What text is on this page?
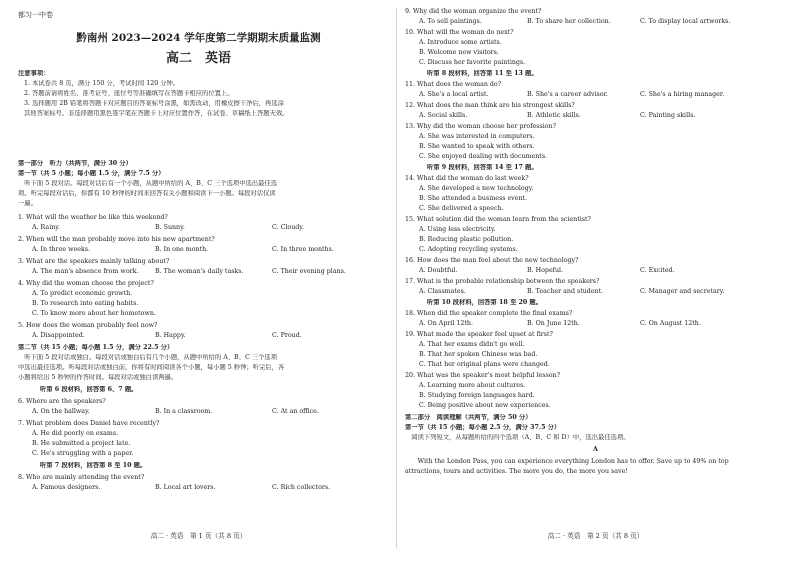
都匀一中卷
黔南州 2023—2024 学年度第二学期期末质量监测
高二　英语
注意事项：
1. 本试卷共 8 页，满分 150 分，考试时间 120 分钟。
2. 答题前请将姓名、准考证号、座位号等准确填写在答题卡相应的位置上。
3. 选择题用 2B 铅笔将答题卡对应题目的答案标号涂黑，如需改动，用橡皮擦干净后，再选涂
其他答案标号。非选择题用黑色签字笔在答题卡上对应位置作答，在试卷、草稿纸上答题无效。
第一部分　听力（共两节，满分 30 分）
第一节（共 5 小题；每小题 1.5 分，满分 7.5 分）
　听下面 5 段对话。每段对话后有一个小题，从题中所给的 A、B、C 三个选项中选出最佳选
项。听完每段对话后，你都有 10 秒钟的时间来回答有关小题和阅读下一小题。每段对话仅读
一遍。
1. What will the weather be like this weekend?
A. Rainy.	B. Sunny.	C. Cloudy.
2. When will the man probably move into his new apartment?
A. In three weeks.	B. In one month.	C. In three months.
3. What are the speakers mainly talking about?
A. The man's absence from work.	B. The woman's daily tasks.	C. Their evening plans.
4. Why did the woman choose the project?
A. To predict economic growth.
B. To research into eating habits.
C. To know more about her hometown.
5. How does the woman probably feel now?
A. Disappointed.	B. Happy.	C. Proud.
第二节（共 15 小题；每小题 1.5 分，满分 22.5 分）
　听下面 5 段对话或独白。每段对话或独白后有几个小题，从题中所给的 A、B、C 三个选项
中选出最佳选项。听每段对话或独白前，你将有时间阅读各个小题，每小题 5 秒钟；听完后，各
小题将给出 5 秒钟的作答时间。每段对话或独白读两遍。
听第 6 段材料，回答第 6、7 题。
6. Where are the speakers?
A. On the hallway.	B. In a classroom.	C. At an office.
7. What problem does Daniel have recently?
A. He did poorly on exams.
B. He submitted a project late.
C. He's struggling with a paper.
听第 7 段材料，回答第 8 至 10 题。
8. Who are mainly attending the event?
A. Famous designers.	B. Local art lovers.	C. Rich collectors.
高二 · 英语　第 1 页（共 8 页）
9. Why did the woman organize the event?
A. To sell paintings.	B. To share her collection.	C. To display local artworks.
10. What will the woman do next?
A. Introduce some artists.
B. Welcome new visitors.
C. Discuss her favorite paintings.
听第 8 段材料，回答第 11 至 13 题。
11. What does the woman do?
A. She's a local artist.	B. She's a career advisor.	C. She's a hiring manager.
12. What does the man think are his strongest skills?
A. Social skills.	B. Athletic skills.	C. Painting skills.
13. Why did the woman choose her profession?
A. She was interested in computers.
B. She wanted to speak with others.
C. She enjoyed dealing with documents.
听第 9 段材料，回答第 14 至 17 题。
14. What did the woman do last week?
A. She developed a new technology.
B. She attended a business event.
C. She delivered a speech.
15. What solution did the woman learn from the scientist?
A. Using less electricity.
B. Reducing plastic pollution.
C. Adopting recycling systems.
16. How does the man feel about the new technology?
A. Doubtful.	B. Hopeful.	C. Excited.
17. What is the probable relationship between the speakers?
A. Classmates.	B. Teacher and student.	C. Manager and secretary.
听第 10 段材料，回答第 18 至 20 题。
18. When did the speaker complete the final exams?
A. On April 12th.	B. On June 12th.	C. On August 12th.
19. What made the speaker feel upset at first?
A. That her exams didn't go well.
B. That her spoken Chinese was bad.
C. That her original plans were changed.
20. What was the speaker's most helpful lesson?
A. Learning more about cultures.
B. Studying foreign languages hard.
C. Being positive about new experiences.
第二部分　阅读理解（共两节，满分 50 分）
第一节（共 15 小题；每小题 2.5 分，满分 37.5 分）
　阅读下列短文，从每题所给的四个选项（A、B、C 和 D）中，选出最佳选项。
A
　　With the London Pass, you can experience everything London has to offer. Save up to 49% on top
attractions, tours and activities. The more you do, the more you save!
高二 · 英语　第 2 页（共 8 页）
